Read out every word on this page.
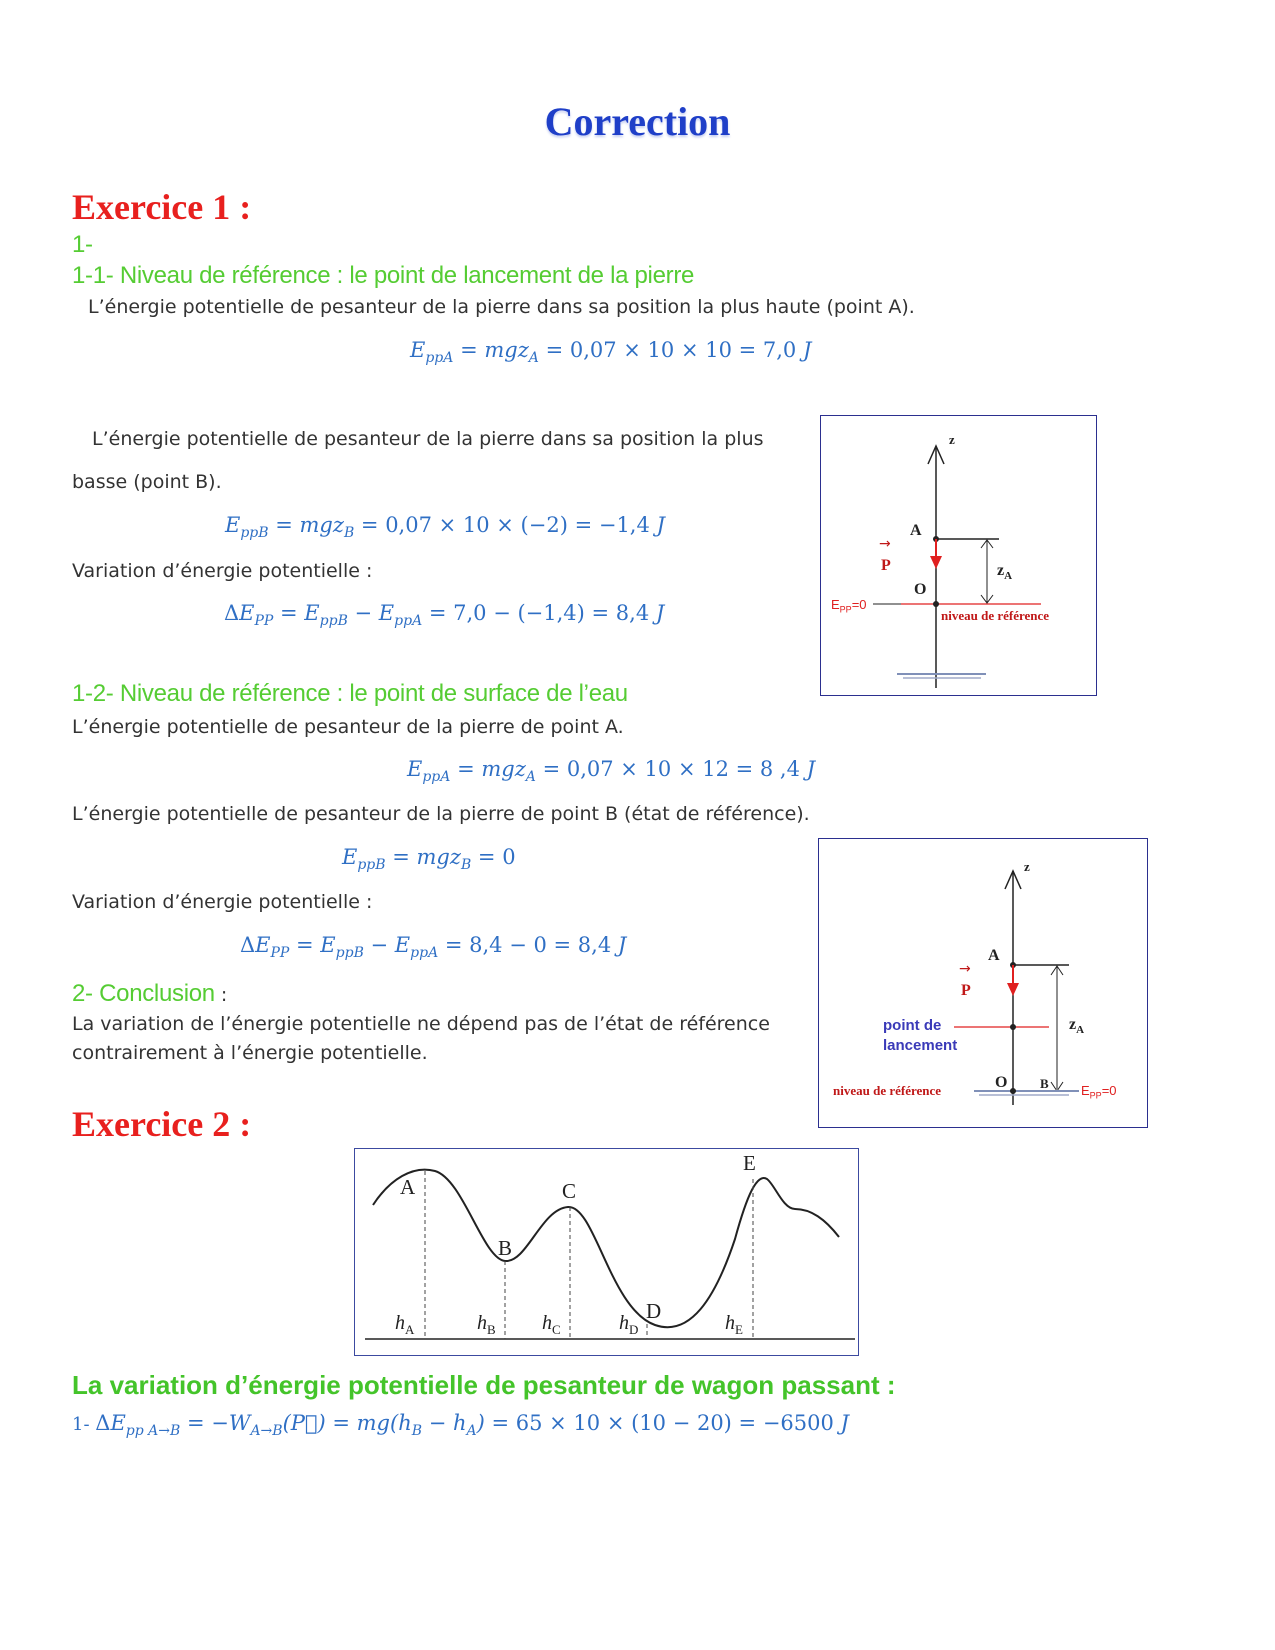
Correction
Exercice 1 :
1-
1-1- Niveau de référence : le point de lancement de la pierre
L’énergie potentielle de pesanteur de la pierre dans sa position la plus haute (point A).
$E_{ppA} = mgz_A = 0,07 \times 10 \times 10 = 7,0$ J
L’énergie potentielle de pesanteur de la pierre dans sa position la plus
basse (point B).
$E_{ppB} = mgz_B = 0,07 \times 10 \times (-2) = -1,4$ J
Variation d’énergie potentielle :
$\Delta E_{PP} = E_{ppB} - E_{ppA} = 7,0 - (-1,4) = 8,4$ J
1-2- Niveau de référence : le point de surface de l’eau
L’énergie potentielle de pesanteur de la pierre de point A.
$E_{ppA} = mgz_A = 0,07 \times 10 \times 12 = 8$ ,4 J
L’énergie potentielle de pesanteur de la pierre de point B (état de référence).
$E_{ppB} = mgz_B = 0$
Variation d’énergie potentielle :
$\Delta E_{PP} = E_{ppB} - E_{ppA} = 8,4 - 0 = 8,4$ J
2- Conclusion :
La variation de l’énergie potentielle ne dépend pas de l’état de référence
contrairement à l’énergie potentielle.
z
A
O
P
→
$z_A$
$E_{PP}=0$
niveau de référence
z
A
P
→
$z_A$
point de
lancement
O	B
niveau de référence	$E_{PP}=0$
Exercice 2 :
A
B
C
D
E
$h_A$	$h_B$ $h_C$	$h_D$	$h_E$
La variation d’énergie potentielle de pesanteur de wagon passant :
1- $\Delta E_{pp A\to B}$ = $-W_{A\to B}(P⃗) = mg(h_B - h_A) = 65 \times 10 \times (10 - 20) = -6500$ J
